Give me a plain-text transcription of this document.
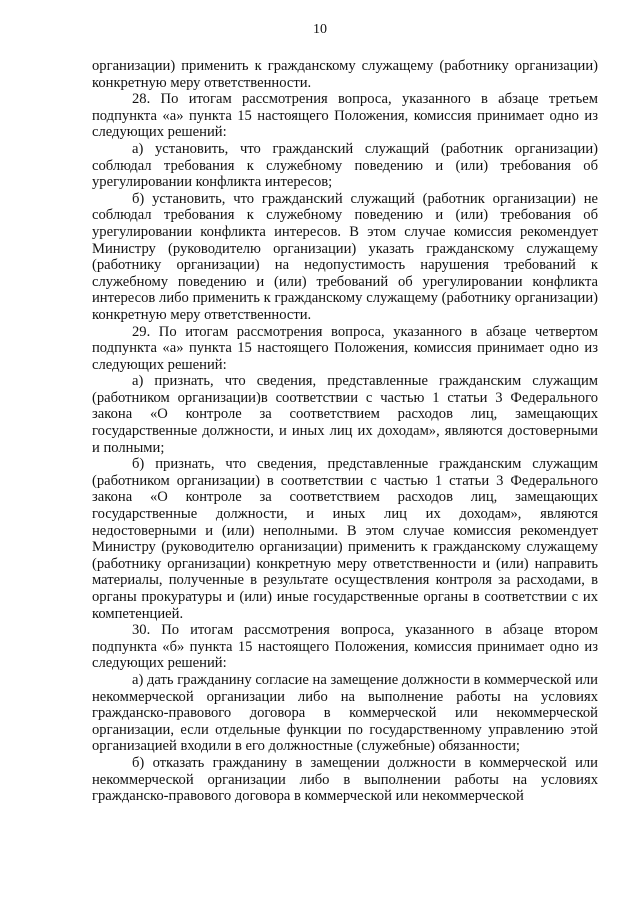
10

организации) применить к гражданскому служащему (работнику организации) конкретную меру ответственности.

28. По итогам рассмотрения вопроса, указанного в абзаце третьем подпункта «а» пункта 15 настоящего Положения, комиссия принимает одно из следующих решений:

а) установить, что гражданский служащий (работник организации) соблюдал требования к служебному поведению и (или) требования об урегулировании конфликта интересов;

б) установить, что гражданский служащий (работник организации) не соблюдал требования к служебному поведению и (или) требования об урегулировании конфликта интересов. В этом случае комиссия рекомендует Министру (руководителю организации) указать гражданскому служащему (работнику организации) на недопустимость нарушения требований к служебному поведению и (или) требований об урегулировании конфликта интересов либо применить к гражданскому служащему (работнику организации) конкретную меру ответственности.

29. По итогам рассмотрения вопроса, указанного в абзаце четвертом подпункта «а» пункта 15 настоящего Положения, комиссия принимает одно из следующих решений:

а) признать, что сведения, представленные гражданским служащим (работником организации)в соответствии с частью 1 статьи 3 Федерального закона «О контроле за соответствием расходов лиц, замещающих государственные должности, и иных лиц их доходам», являются достоверными и полными;

б) признать, что сведения, представленные гражданским служащим (работником организации) в соответствии с частью 1 статьи 3 Федерального закона «О контроле за соответствием расходов лиц, замещающих государственные должности, и иных лиц их доходам», являются недостоверными и (или) неполными. В этом случае комиссия рекомендует Министру (руководителю организации) применить к гражданскому служащему (работнику организации) конкретную меру ответственности и (или) направить материалы, полученные в результате осуществления контроля за расходами, в органы прокуратуры и (или) иные государственные органы в соответствии с их компетенцией.

30. По итогам рассмотрения вопроса, указанного в абзаце втором подпункта «б» пункта 15 настоящего Положения, комиссия принимает одно из следующих решений:

а) дать гражданину согласие на замещение должности в коммерческой или некоммерческой организации либо на выполнение работы на условиях гражданско-правового договора в коммерческой или некоммерческой организации, если отдельные функции по государственному управлению этой организацией входили в его должностные (служебные) обязанности;

б) отказать гражданину в замещении должности в коммерческой или некоммерческой организации либо в выполнении работы на условиях гражданско-правового договора в коммерческой или некоммерческой
